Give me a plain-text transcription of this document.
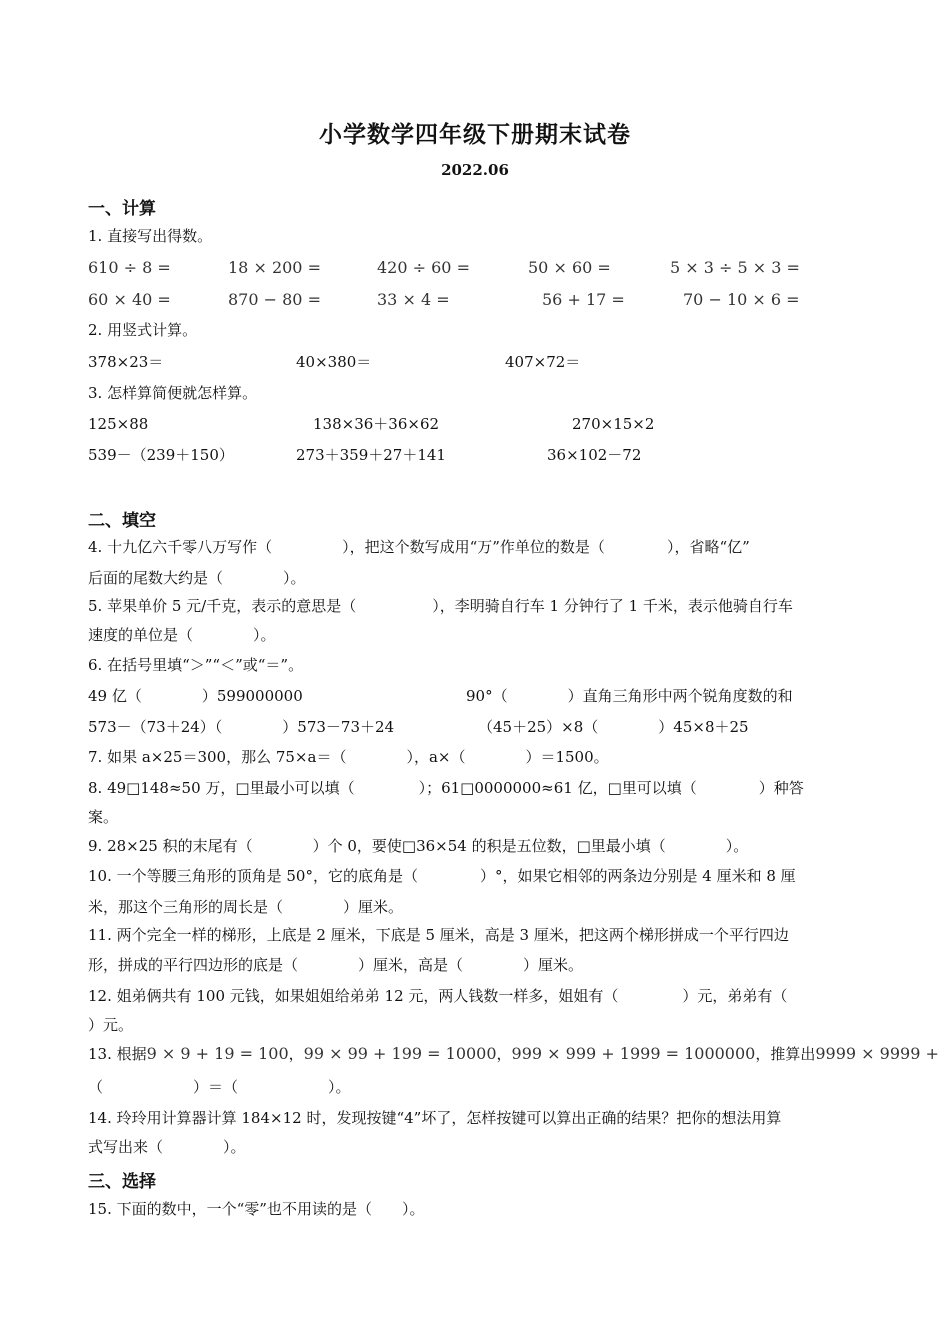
小学数学四年级下册期末试卷
2022.06
一、计算
1. 直接写出得数。
610 ÷ 8 =	18 × 200 =	420 ÷ 60 =	50 × 60 =	5 × 3 ÷ 5 × 3 =
60 × 40 =	870 − 80 =	33 × 4 =	56 + 17 =	70 − 10 × 6 =
2. 用竖式计算。
378×23＝	40×380＝	407×72＝
3. 怎样算简便就怎样算。
125×88	138×36＋36×62	270×15×2
539－（239＋150）	273＋359＋27＋141	36×102－72
二、填空
4. 十九亿六千零八万写作（	），把这个数写成用“万”作单位的数是（	），省略“亿”
后面的尾数大约是（　　　　）。
5. 苹果单价 5 元/千克，表示的意思是（	），李明骑自行车 1 分钟行了 1 千米，表示他骑自行车
速度的单位是（　　　　）。
6. 在括号里填“＞”“＜”或“＝”。
49 亿（　　　　）599000000	90°（　　　　）直角三角形中两个锐角度数的和
573－（73＋24）（　　　　）573－73＋24	（45＋25）×8（　　　　）45×8＋25
7. 如果 a×25＝300，那么 75×a＝（　　　　），a×（　　　　）＝1500。
8. 49□148≈50 万，□里最小可以填（	）；61□0000000≈61 亿，□里可以填（	）种答
案。
9. 28×25 积的末尾有（　　　　）个 0，要使□36×54 的积是五位数，□里最小填（　　　　）。
10. 一个等腰三角形的顶角是 50°，它的底角是（	）°，如果它相邻的两条边分别是 4 厘米和 8 厘
米，那这个三角形的周长是（　　　　）厘米。
11. 两个完全一样的梯形，上底是 2 厘米，下底是 5 厘米，高是 3 厘米，把这两个梯形拼成一个平行四边
形，拼成的平行四边形的底是（　　　　）厘米，高是（　　　　）厘米。
12. 姐弟俩共有 100 元钱，如果姐姐给弟弟 12 元，两人钱数一样多，姐姐有（	）元，弟弟有（
）元。
13. 根据9 × 9 + 19 = 100，99 × 99 + 199 = 10000，999 × 999 + 1999 = 1000000，推算出9999 × 9999 +
（　　　　　　）＝（　　　　　　）。
14. 玲玲用计算器计算 184×12 时，发现按键“4”坏了，怎样按键可以算出正确的结果？把你的想法用算
式写出来（　　　　）。
三、选择
15. 下面的数中，一个“零”也不用读的是（　　）。
